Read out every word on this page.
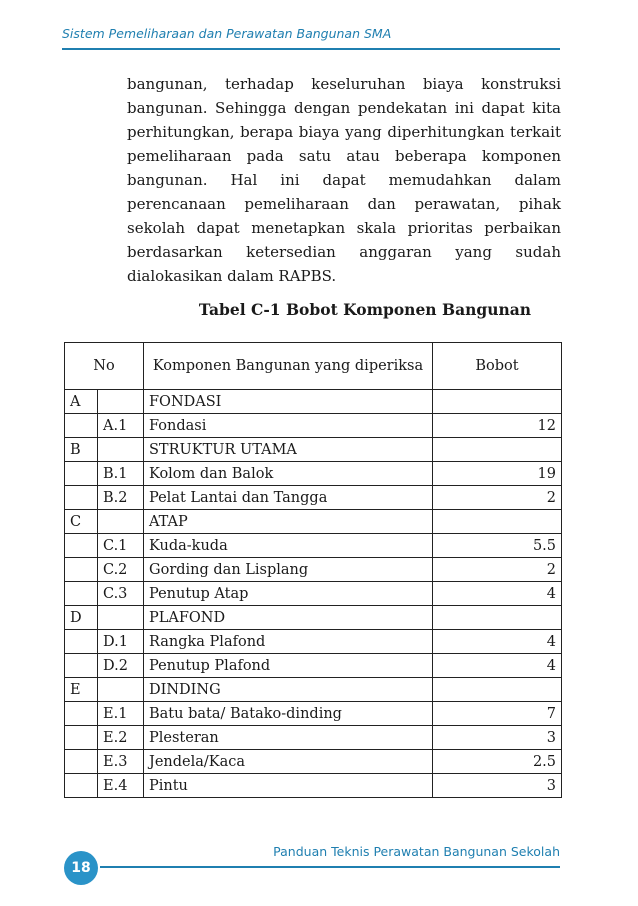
Sistem Pemeliharaan dan Perawatan Bangunan SMA

bangunan, terhadap keseluruhan biaya konstruksi bangunan. Sehingga dengan pendekatan ini dapat kita perhitungkan, berapa biaya yang diperhitungkan terkait pemeliharaan pada satu atau beberapa komponen bangunan. Hal ini dapat memudahkan dalam perencanaan pemeliharaan dan perawatan, pihak sekolah dapat menetapkan skala prioritas perbaikan berdasarkan ketersedian anggaran yang sudah dialokasikan dalam RAPBS.

Tabel C-1 Bobot Komponen Bangunan
No		Komponen Bangunan yang diperiksa	Bobot
A		FONDASI	
	A.1	Fondasi	12
B		STRUKTUR UTAMA	
	B.1	Kolom dan Balok	19
	B.2	Pelat Lantai dan Tangga	2
C		ATAP	
	C.1	Kuda-kuda	5.5
	C.2	Gording dan Lisplang	2
	C.3	Penutup Atap	4
D		PLAFOND	
	D.1	Rangka Plafond	4
	D.2	Penutup Plafond	4
E		DINDING	
	E.1	Batu bata/ Batako-dinding	7
	E.2	Plesteran	3
	E.3	Jendela/Kaca	2.5
	E.4	Pintu	3
Panduan Teknis Perawatan Bangunan Sekolah
18
